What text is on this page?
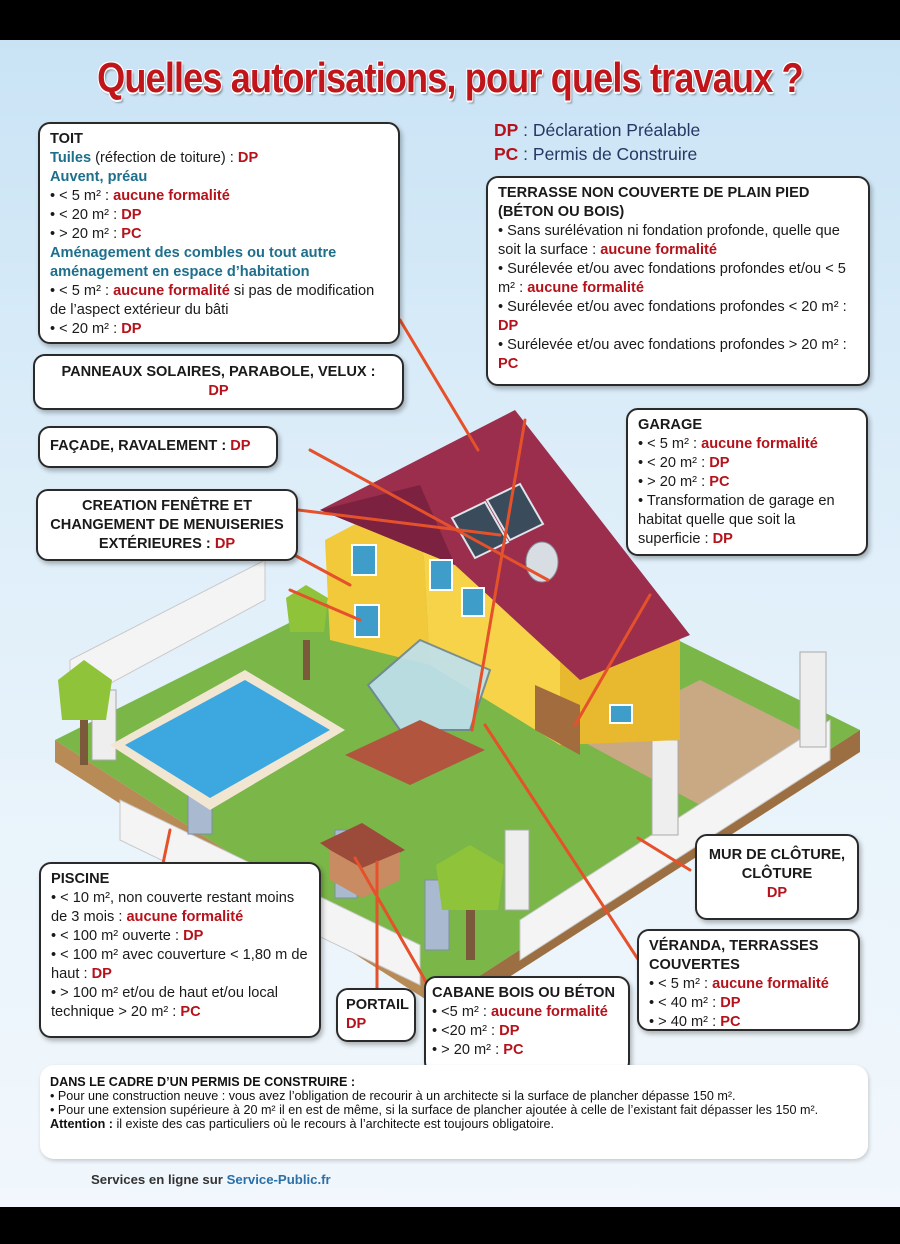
Quelles autorisations, pour quels travaux ?
DP : Déclaration Préalable
PC : Permis de Construire
TOIT
Tuiles (réfection de toiture) : DP
Auvent, préau
• < 5 m² : aucune formalité
• < 20 m² : DP
• > 20 m² : PC
Aménagement des combles ou tout autre aménagement en espace d’habitation
• < 5 m² : aucune formalité si pas de modification de l’aspect extérieur du bâti
• < 20 m² : DP
PANNEAUX SOLAIRES, PARABOLE, VELUX :
DP
FAÇADE, RAVALEMENT : DP
CREATION FENÊTRE ET CHANGEMENT DE MENUISERIES EXTÉRIEURES : DP
TERRASSE NON COUVERTE DE PLAIN PIED (BÉTON OU BOIS)
• Sans surélévation ni fondation profonde, quelle que soit la surface : aucune formalité
• Surélevée et/ou avec fondations profondes et/ou < 5 m² : aucune formalité
• Surélevée et/ou avec fondations profondes < 20 m² : DP
• Surélevée et/ou avec fondations profondes > 20 m² : PC
GARAGE
• < 5 m² : aucune formalité
• < 20 m² : DP
• > 20 m² : PC
• Transformation de garage en habitat quelle que soit la superficie : DP
MUR DE CLÔTURE, CLÔTURE
DP
VÉRANDA, TERRASSES COUVERTES
• < 5 m² : aucune formalité
• < 40 m² : DP
• > 40 m² : PC
PISCINE
• < 10 m², non couverte restant moins de 3 mois : aucune formalité
• < 100 m² ouverte : DP
• < 100 m² avec couverture < 1,80 m de haut : DP
• > 100 m² et/ou de haut et/ou local technique > 20 m² : PC	PORTAIL
DP
CABANE BOIS OU BÉTON
• <5 m² : aucune formalité
• <20 m² : DP
• > 20 m² : PC
DANS LE CADRE D’UN PERMIS DE CONSTRUIRE :
• Pour une construction neuve : vous avez l’obligation de recourir à un architecte si la surface de plancher dépasse 150 m².
• Pour une extension supérieure à 20 m² il en est de même, si la surface de plancher ajoutée à celle de l’existant fait dépasser les 150 m².
Attention : il existe des cas particuliers où le recours à l’architecte est toujours obligatoire.
Services en ligne sur Service-Public.fr
